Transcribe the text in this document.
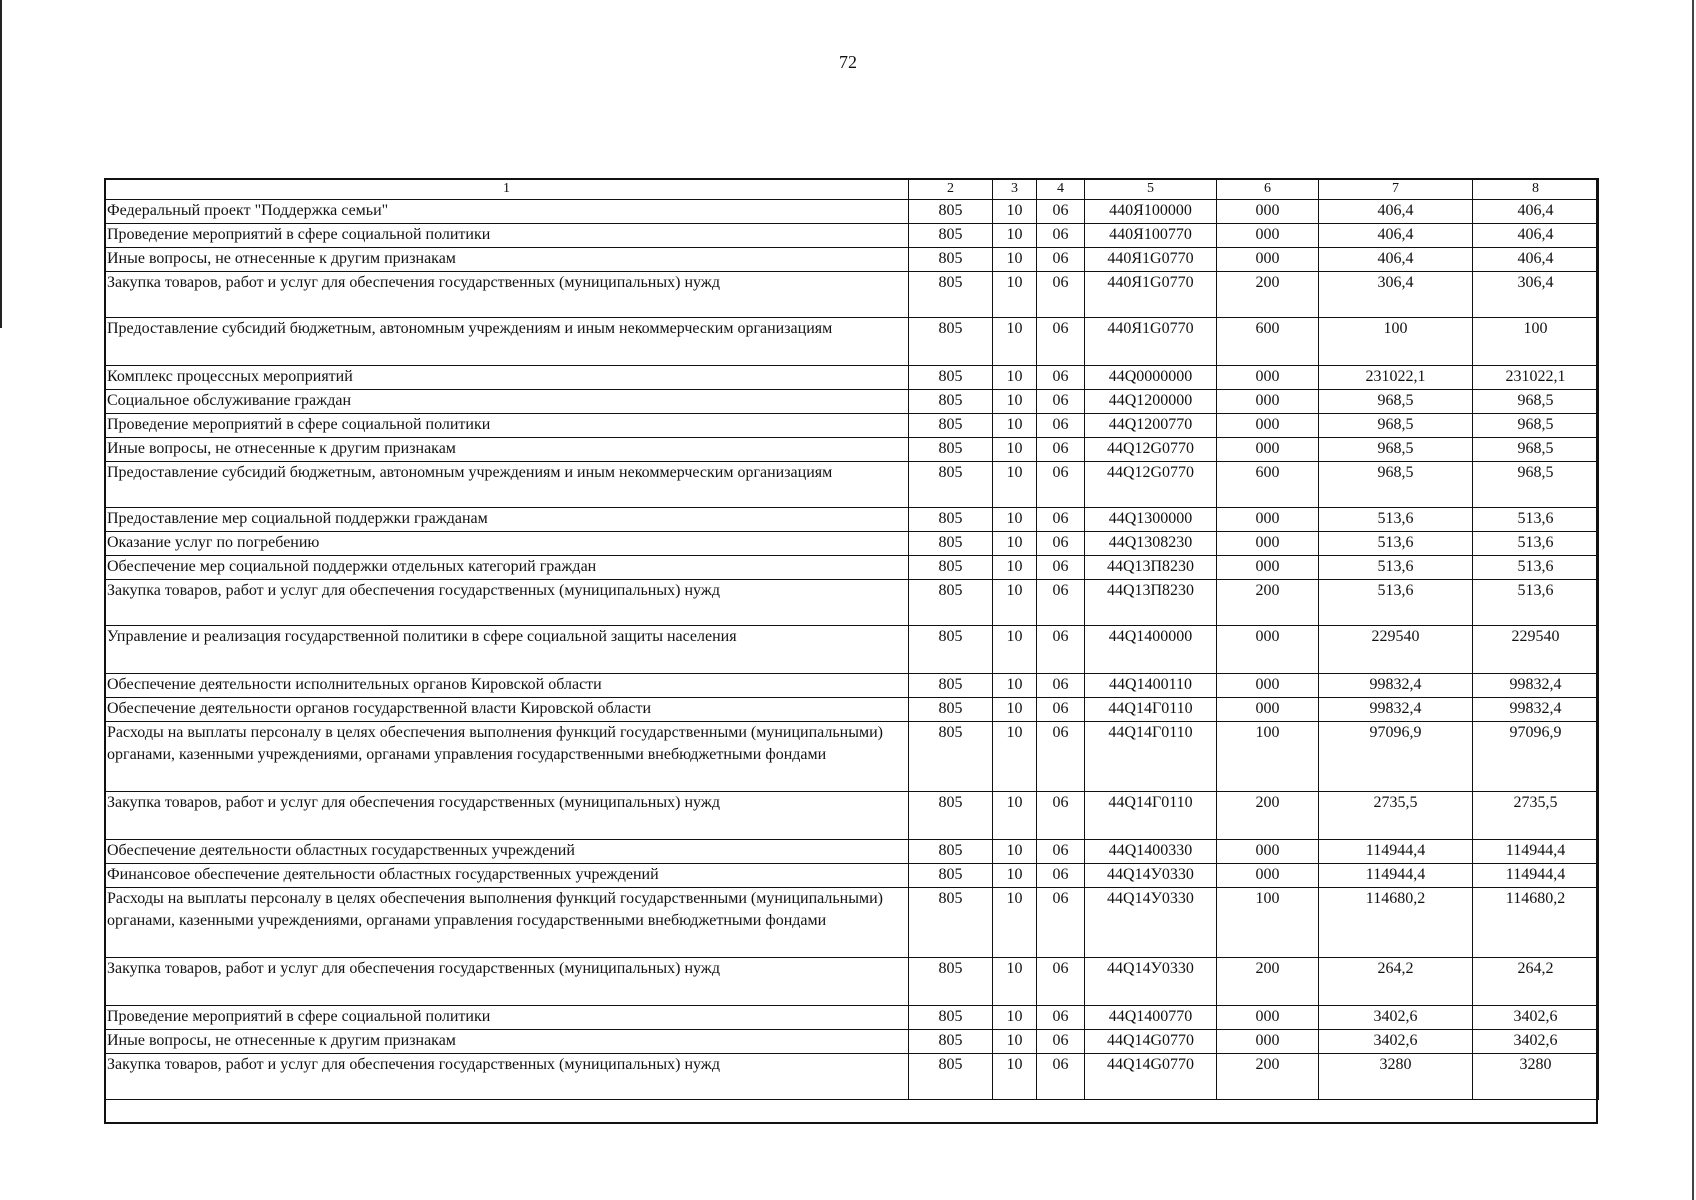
72
1	2	3	4	5	6	7	8
Федеральный проект "Поддержка семьи"	805	10	06	440Я100000	000	406,4	406,4
Проведение мероприятий в сфере социальной политики	805	10	06	440Я100770	000	406,4	406,4
Иные вопросы, не отнесенные к другим признакам	805	10	06	440Я1G0770	000	406,4	406,4
Закупка товаров, работ и услуг для обеспечения государственных (муниципальных) нужд	805	10	06	440Я1G0770	200	306,4	306,4
Предоставление субсидий бюджетным, автономным учреждениям и иным некоммерческим организациям	805	10	06	440Я1G0770	600	100	100
Комплекс процессных мероприятий	805	10	06	44Q0000000	000	231022,1	231022,1
Социальное обслуживание граждан	805	10	06	44Q1200000	000	968,5	968,5
Проведение мероприятий в сфере социальной политики	805	10	06	44Q1200770	000	968,5	968,5
Иные вопросы, не отнесенные к другим признакам	805	10	06	44Q12G0770	000	968,5	968,5
Предоставление субсидий бюджетным, автономным учреждениям и иным некоммерческим организациям	805	10	06	44Q12G0770	600	968,5	968,5
Предоставление мер социальной поддержки гражданам	805	10	06	44Q1300000	000	513,6	513,6
Оказание услуг по погребению	805	10	06	44Q1308230	000	513,6	513,6
Обеспечение мер социальной поддержки отдельных категорий граждан	805	10	06	44Q13П8230	000	513,6	513,6
Закупка товаров, работ и услуг для обеспечения государственных (муниципальных) нужд	805	10	06	44Q13П8230	200	513,6	513,6
Управление и реализация государственной политики в сфере социальной защиты населения	805	10	06	44Q1400000	000	229540	229540
Обеспечение деятельности исполнительных органов Кировской области	805	10	06	44Q1400110	000	99832,4	99832,4
Обеспечение деятельности органов государственной власти Кировской области	805	10	06	44Q14Г0110	000	99832,4	99832,4
Расходы на выплаты персоналу в целях обеспечения выполнения функций государственными (муниципальными) органами, казенными учреждениями, органами управления государственными внебюджетными фондами	805	10	06	44Q14Г0110	100	97096,9	97096,9
Закупка товаров, работ и услуг для обеспечения государственных (муниципальных) нужд	805	10	06	44Q14Г0110	200	2735,5	2735,5
Обеспечение деятельности областных государственных учреждений	805	10	06	44Q1400330	000	114944,4	114944,4
Финансовое обеспечение деятельности областных государственных учреждений	805	10	06	44Q14У0330	000	114944,4	114944,4
Расходы на выплаты персоналу в целях обеспечения выполнения функций государственными (муниципальными) органами, казенными учреждениями, органами управления государственными внебюджетными фондами	805	10	06	44Q14У0330	100	114680,2	114680,2
Закупка товаров, работ и услуг для обеспечения государственных (муниципальных) нужд	805	10	06	44Q14У0330	200	264,2	264,2
Проведение мероприятий в сфере социальной политики	805	10	06	44Q1400770	000	3402,6	3402,6
Иные вопросы, не отнесенные к другим признакам	805	10	06	44Q14G0770	000	3402,6	3402,6
Закупка товаров, работ и услуг для обеспечения государственных (муниципальных) нужд	805	10	06	44Q14G0770	200	3280	3280
